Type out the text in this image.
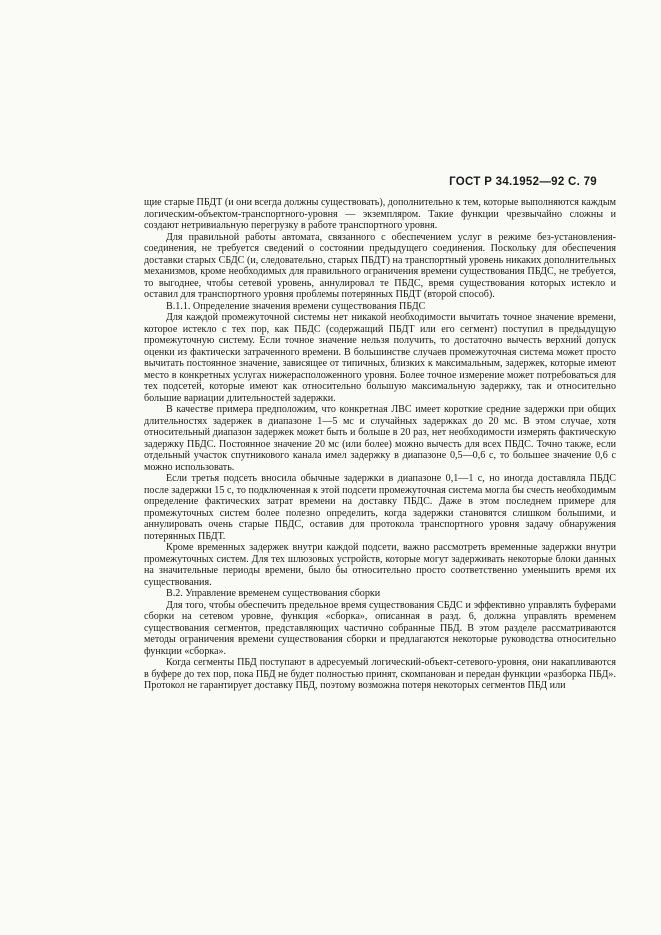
ГОСТ Р 34.1952—92 С. 79

щие старые ПБДТ (и они всегда должны существовать), дополнительно к тем, которые выполняются каждым логическим-объектом-транспортного-уровня — экземпляром. Такие функции чрезвычайно сложны и создают нетривиальную перегрузку в работе транспортного уровня.

Для правильной работы автомата, связанного с обеспечением услуг в режиме без-установления-соединения, не требуется сведений о состоянии предыдущего соединения. Поскольку для обеспечения доставки старых СБДС (и, следовательно, старых ПБДТ) на транспортный уровень никаких дополнительных механизмов, кроме необходимых для правильного ограничения времени существования ПБДС, не требуется, то выгоднее, чтобы сетевой уровень, аннулировал те ПБДС, время существования которых истекло и оставил для транспортного уровня проблемы потерянных ПБДТ (второй способ).

В.1.1. Определение значения времени существования ПБДС

Для каждой промежуточной системы нет никакой необходимости вычитать точное значение времени, которое истекло с тех пор, как ПБДС (содержащий ПБДТ или его сегмент) поступил в предыдущую промежуточную систему. Если точное значение нельзя получить, то достаточно вычесть верхний допуск оценки из фактически затраченного времени. В большинстве случаев промежуточная система может просто вычитать постоянное значение, зависящее от типичных, близких к максимальным, задержек, которые имеют место в конкретных услугах нижерасположенного уровня. Более точное измерение может потребоваться для тех подсетей, которые имеют как относительно большую максимальную задержку, так и относительно большие вариации длительностей задержки.

В качестве примера предположим, что конкретная ЛВС имеет короткие средние задержки при общих длительностях задержек в диапазоне 1—5 мс и случайных задержках до 20 мс. В этом случае, хотя относительный диапазон задержек может быть и больше в 20 раз, нет необходимости измерять фактическую задержку ПБДС. Постоянное значение 20 мс (или более) можно вычесть для всех ПБДС. Точно также, если отдельный участок спутникового канала имел задержку в диапазоне 0,5—0,6 с, то большее значение 0,6 с можно использовать.

Если третья подсеть вносила обычные задержки в диапазоне 0,1—1 с, но иногда доставляла ПБДС после задержки 15 с, то подключенная к этой подсети промежуточная система могла бы счесть необходимым определение фактических затрат времени на доставку ПБДС. Даже в этом последнем примере для промежуточных систем более полезно определить, когда задержки становятся слишком большими, и аннулировать очень старые ПБДС, оставив для протокола транспортного уровня задачу обнаружения потерянных ПБДТ.

Кроме временных задержек внутри каждой подсети, важно рассмотреть временные задержки внутри промежуточных систем. Для тех шлюзовых устройств, которые могут задерживать некоторые блоки данных на значительные периоды времени, было бы относительно просто соответственно уменьшить время их существования.

В.2. Управление временем существования сборки

Для того, чтобы обеспечить предельное время существования СБДС и эффективно управлять буферами сборки на сетевом уровне, функция «сборка», описанная в разд. 6, должна управлять временем существования сегментов, представляющих частично собранные ПБД. В этом разделе рассматриваются методы ограничения времени существования сборки и предлагаются некоторые руководства относительно функции «сборка».

Когда сегменты ПБД поступают в адресуемый логический-объект-сетевого-уровня, они накапливаются в буфере до тех пор, пока ПБД не будет полностью принят, скомпанован и передан функции «разборка ПБД». Протокол не гарантирует доставку ПБД, поэтому возможна потеря некоторых сегментов ПБД или
